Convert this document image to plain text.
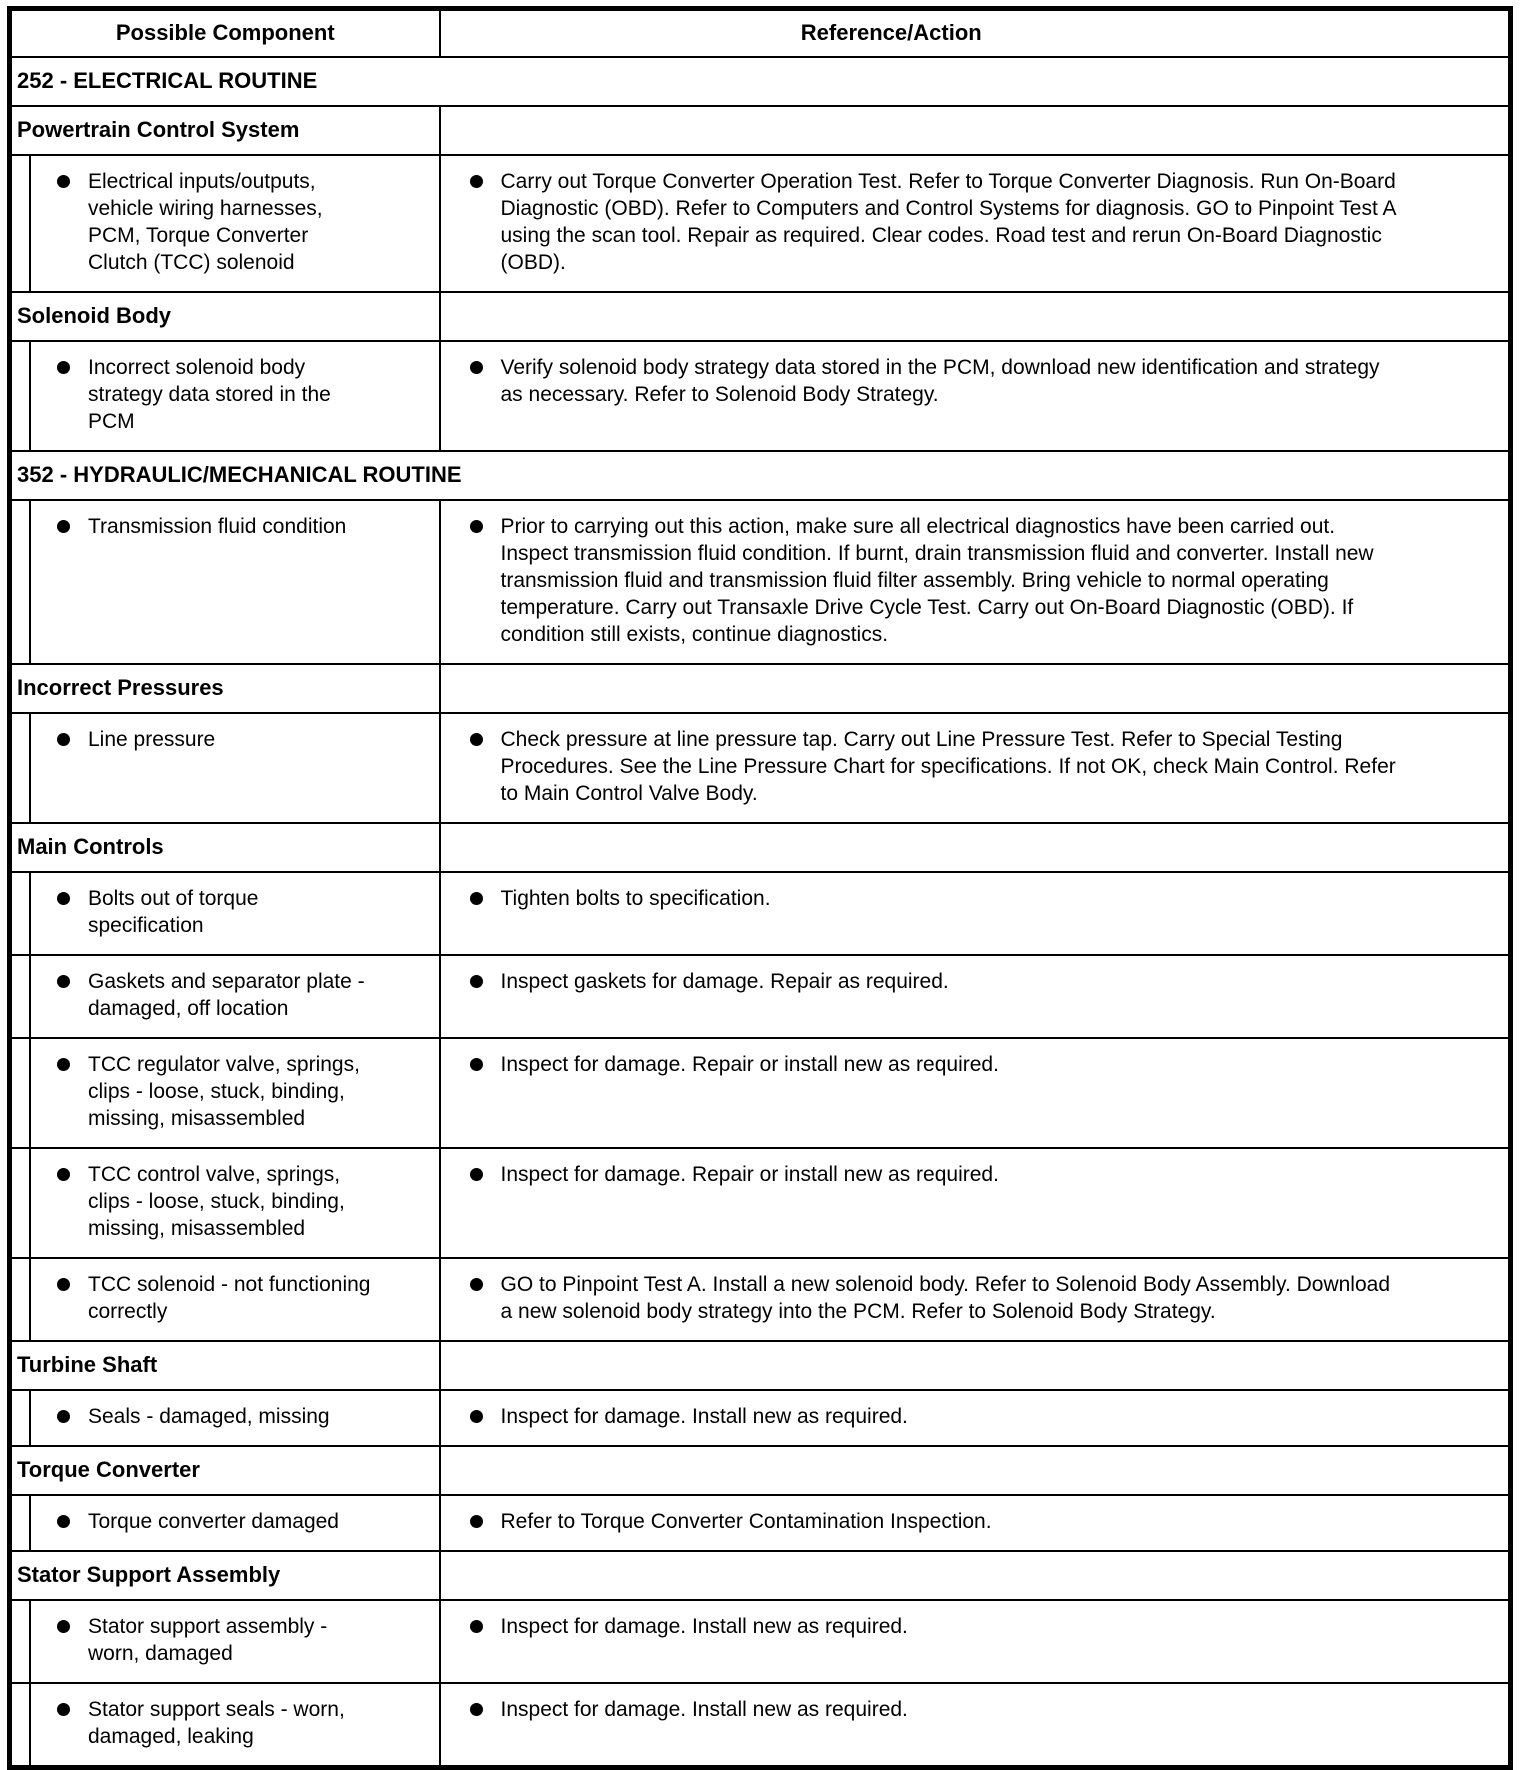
Possible Component	Reference/Action
252 - ELECTRICAL ROUTINE	
Powertrain Control System	

Electrical inputs/outputs, vehicle wiring harnesses, PCM, Torque Converter Clutch (TCC) solenoid	Carry out Torque Converter Operation Test. Refer to Torque Converter Diagnosis. Run On-Board Diagnostic (OBD). Refer to Computers and Control Systems for diagnosis. GO to Pinpoint Test A using the scan tool. Repair as required. Clear codes. Road test and rerun On-Board Diagnostic (OBD).

Solenoid Body	

Incorrect solenoid body strategy data stored in the PCM	Verify solenoid body strategy data stored in the PCM, download new identification and strategy as necessary. Refer to Solenoid Body Strategy.

352 - HYDRAULIC/MECHANICAL ROUTINE	

Transmission fluid condition	Prior to carrying out this action, make sure all electrical diagnostics have been carried out. Inspect transmission fluid condition. If burnt, drain transmission fluid and converter. Install new transmission fluid and transmission fluid filter assembly. Bring vehicle to normal operating temperature. Carry out Transaxle Drive Cycle Test. Carry out On-Board Diagnostic (OBD). If condition still exists, continue diagnostics.

Incorrect Pressures	

Line pressure	Check pressure at line pressure tap. Carry out Line Pressure Test. Refer to Special Testing Procedures. See the Line Pressure Chart for specifications. If not OK, check Main Control. Refer to Main Control Valve Body.

Main Controls	

Bolts out of torque specification	Tighten bolts to specification.

Gaskets and separator plate - damaged, off location	Inspect gaskets for damage. Repair as required.

TCC regulator valve, springs, clips - loose, stuck, binding, missing, misassembled	Inspect for damage. Repair or install new as required.

TCC control valve, springs, clips - loose, stuck, binding, missing, misassembled	Inspect for damage. Repair or install new as required.

TCC solenoid - not functioning correctly	GO to Pinpoint Test A. Install a new solenoid body. Refer to Solenoid Body Assembly. Download a new solenoid body strategy into the PCM. Refer to Solenoid Body Strategy.

Turbine Shaft	

Seals - damaged, missing	Inspect for damage. Install new as required.

Torque Converter	

Torque converter damaged	Refer to Torque Converter Contamination Inspection.

Stator Support Assembly	

Stator support assembly - worn, damaged	Inspect for damage. Install new as required.

Stator support seals - worn, damaged, leaking	Inspect for damage. Install new as required.
